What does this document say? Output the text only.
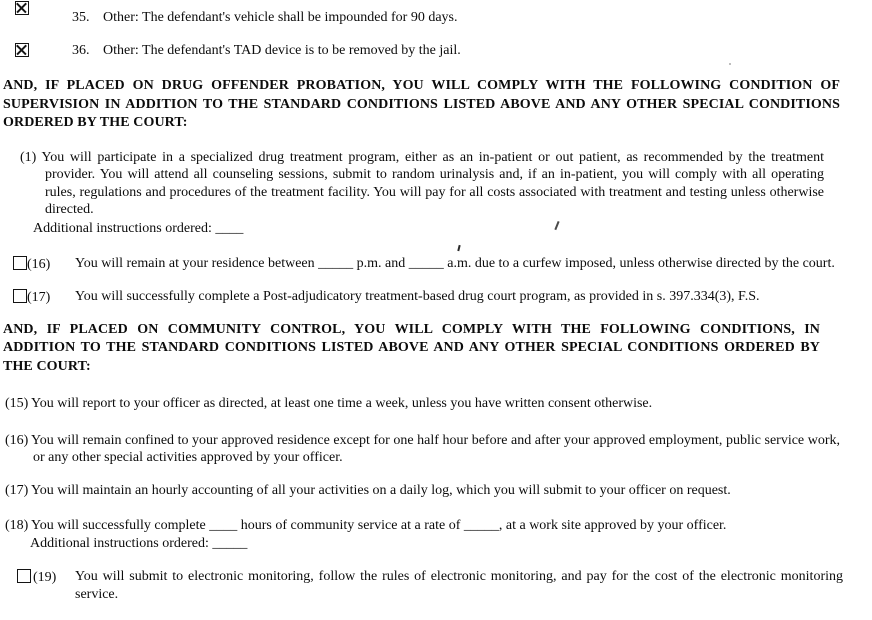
35. Other: The defendant's vehicle shall be impounded for 90 days.
36. Other: The defendant's TAD device is to be removed by the jail.
AND, IF PLACED ON DRUG OFFENDER PROBATION, YOU WILL COMPLY WITH THE FOLLOWING CONDITION OF SUPERVISION IN ADDITION TO THE STANDARD CONDITIONS LISTED ABOVE AND ANY OTHER SPECIAL CONDITIONS ORDERED BY THE COURT:
(1) You will participate in a specialized drug treatment program, either as an in-patient or out patient, as recommended by the treatment provider. You will attend all counseling sessions, submit to random urinalysis and, if an in-patient, you will comply with all operating rules, regulations and procedures of the treatment facility. You will pay for all costs associated with treatment and testing unless otherwise directed.
Additional instructions ordered: ____
(16) You will remain at your residence between _____ p.m. and _____ a.m. due to a curfew imposed, unless otherwise directed by the court.
(17) You will successfully complete a Post-adjudicatory treatment-based drug court program, as provided in s. 397.334(3), F.S.
AND, IF PLACED ON COMMUNITY CONTROL, YOU WILL COMPLY WITH THE FOLLOWING CONDITIONS, IN ADDITION TO THE STANDARD CONDITIONS LISTED ABOVE AND ANY OTHER SPECIAL CONDITIONS ORDERED BY THE COURT:
(15) You will report to your officer as directed, at least one time a week, unless you have written consent otherwise.
(16) You will remain confined to your approved residence except for one half hour before and after your approved employment, public service work, or any other special activities approved by your officer.
(17) You will maintain an hourly accounting of all your activities on a daily log, which you will submit to your officer on request.
(18) You will successfully complete ____ hours of community service at a rate of _____, at a work site approved by your officer.
Additional instructions ordered: _____
(19) You will submit to electronic monitoring, follow the rules of electronic monitoring, and pay for the cost of the electronic monitoring service.
